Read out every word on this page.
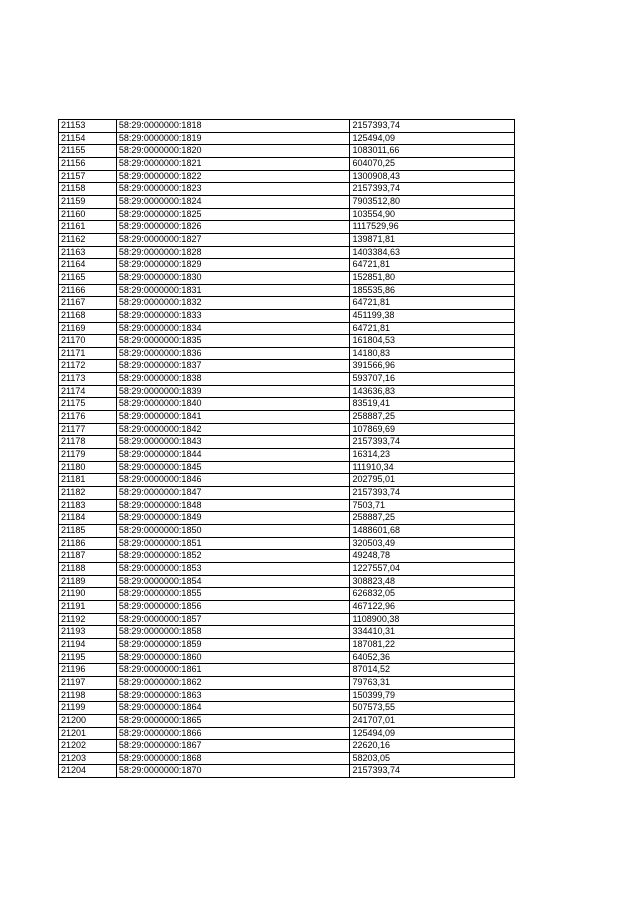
21153	58:29:0000000:1818	2157393,74
21154	58:29:0000000:1819	125494,09
21155	58:29:0000000:1820	1083011,66
21156	58:29:0000000:1821	604070,25
21157	58:29:0000000:1822	1300908,43
21158	58:29:0000000:1823	2157393,74
21159	58:29:0000000:1824	7903512,80
21160	58:29:0000000:1825	103554,90
21161	58:29:0000000:1826	1117529,96
21162	58:29:0000000:1827	139871,81
21163	58:29:0000000:1828	1403384,63
21164	58:29:0000000:1829	64721,81
21165	58:29:0000000:1830	152851,80
21166	58:29:0000000:1831	185535,86
21167	58:29:0000000:1832	64721,81
21168	58:29:0000000:1833	451199,38
21169	58:29:0000000:1834	64721,81
21170	58:29:0000000:1835	161804,53
21171	58:29:0000000:1836	14180,83
21172	58:29:0000000:1837	391566,96
21173	58:29:0000000:1838	593707,16
21174	58:29:0000000:1839	143636,83
21175	58:29:0000000:1840	83519,41
21176	58:29:0000000:1841	258887,25
21177	58:29:0000000:1842	107869,69
21178	58:29:0000000:1843	2157393,74
21179	58:29:0000000:1844	16314,23
21180	58:29:0000000:1845	111910,34
21181	58:29:0000000:1846	202795,01
21182	58:29:0000000:1847	2157393,74
21183	58:29:0000000:1848	7503,71
21184	58:29:0000000:1849	258887,25
21185	58:29:0000000:1850	1488601,68
21186	58:29:0000000:1851	320503,49
21187	58:29:0000000:1852	49248,78
21188	58:29:0000000:1853	1227557,04
21189	58:29:0000000:1854	308823,48
21190	58:29:0000000:1855	626832,05
21191	58:29:0000000:1856	467122,96
21192	58:29:0000000:1857	1108900,38
21193	58:29:0000000:1858	334410,31
21194	58:29:0000000:1859	187081,22
21195	58:29:0000000:1860	64052,36
21196	58:29:0000000:1861	87014,52
21197	58:29:0000000:1862	79763,31
21198	58:29:0000000:1863	150399,79
21199	58:29:0000000:1864	507573,55
21200	58:29:0000000:1865	241707,01
21201	58:29:0000000:1866	125494,09
21202	58:29:0000000:1867	22620,16
21203	58:29:0000000:1868	58203,05
21204	58:29:0000000:1870	2157393,74
